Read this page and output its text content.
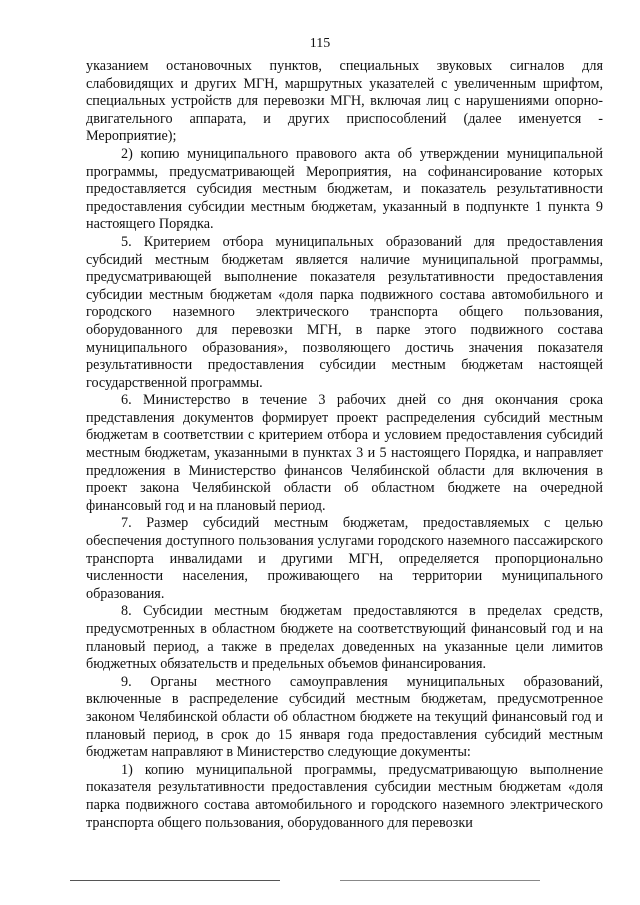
115

указанием остановочных пунктов, специальных звуковых сигналов для слабовидящих и других МГН, маршрутных указателей с увеличенным шрифтом, специальных устройств для перевозки МГН, включая лиц с нарушениями опорно-двигательного аппарата, и других приспособлений (далее именуется - Мероприятие);

2) копию муниципального правового акта об утверждении муниципальной программы, предусматривающей Мероприятия, на софинансирование которых предоставляется субсидия местным бюджетам, и показатель результативности предоставления субсидии местным бюджетам, указанный в подпункте 1 пункта 9 настоящего Порядка.

5. Критерием отбора муниципальных образований для предоставления субсидий местным бюджетам является наличие муниципальной программы, предусматривающей выполнение показателя результативности предоставления субсидии местным бюджетам «доля парка подвижного состава автомобильного и городского наземного электрического транспорта общего пользования, оборудованного для перевозки МГН, в парке этого подвижного состава муниципального образования», позволяющего достичь значения показателя результативности предоставления субсидии местным бюджетам настоящей государственной программы.

6. Министерство в течение 3 рабочих дней со дня окончания срока представления документов формирует проект распределения субсидий местным бюджетам в соответствии с критерием отбора и условием предоставления субсидий местным бюджетам, указанными в пунктах 3 и 5 настоящего Порядка, и направляет предложения в Министерство финансов Челябинской области для включения в проект закона Челябинской области об областном бюджете на очередной финансовый год и на плановый период.

7. Размер субсидий местным бюджетам, предоставляемых с целью обеспечения доступного пользования услугами городского наземного пассажирского транспорта инвалидами и другими МГН, определяется пропорционально численности населения, проживающего на территории муниципального образования.

8. Субсидии местным бюджетам предоставляются в пределах средств, предусмотренных в областном бюджете на соответствующий финансовый год и на плановый период, а также в пределах доведенных на указанные цели лимитов бюджетных обязательств и предельных объемов финансирования.

9. Органы местного самоуправления муниципальных образований, включенные в распределение субсидий местным бюджетам, предусмотренное законом Челябинской области об областном бюджете на текущий финансовый год и плановый период, в срок до 15 января года предоставления субсидий местным бюджетам направляют в Министерство следующие документы:

1) копию муниципальной программы, предусматривающую выполнение показателя результативности предоставления субсидии местным бюджетам «доля парка подвижного состава автомобильного и городского наземного электрического транспорта общего пользования, оборудованного для перевозки
